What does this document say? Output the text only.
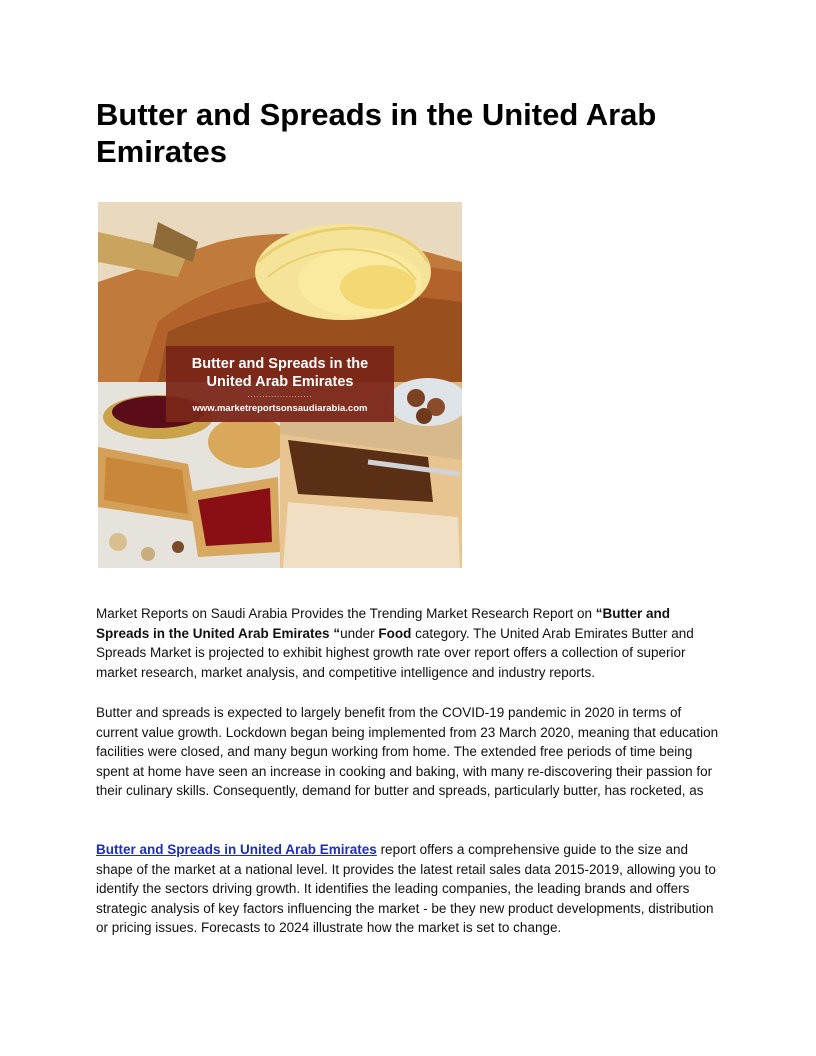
Butter and Spreads in the United Arab Emirates
Butter and Spreads in the United Arab Emirates
......................
www.marketreportsonsaudiarabia.com

Market Reports on Saudi Arabia Provides the Trending Market Research Report on “Butter and Spreads in the United Arab Emirates “under Food category. The United Arab Emirates Butter and Spreads Market is projected to exhibit highest growth rate over report offers a collection of superior market research, market analysis, and competitive intelligence and industry reports.

Butter and spreads is expected to largely benefit from the COVID-19 pandemic in 2020 in terms of current value growth. Lockdown began being implemented from 23 March 2020, meaning that education facilities were closed, and many begun working from home. The extended free periods of time being spent at home have seen an increase in cooking and baking, with many re-discovering their passion for their culinary skills. Consequently, demand for butter and spreads, particularly butter, has rocketed, as

Butter and Spreads in United Arab Emirates report offers a comprehensive guide to the size and shape of the market at a national level. It provides the latest retail sales data 2015-2019, allowing you to identify the sectors driving growth. It identifies the leading companies, the leading brands and offers strategic analysis of key factors influencing the market - be they new product developments, distribution or pricing issues. Forecasts to 2024 illustrate how the market is set to change.
